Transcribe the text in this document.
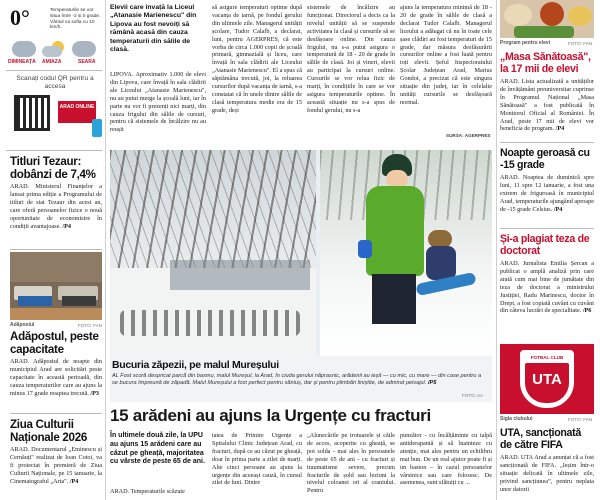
0°	Temperaturile se vor situa între -2 și 0 grade. Vântul va sufla cu 10 km/h.
DIMINEAȚA AMIAZA	SEARA
Scanați codul QR pentru a accesa
ARAD ONLINE
Titluri Tezaur: dobânzi de 7,4%
ARAD. Ministerul Finanțelor a lansat prima ediție a Programului de titluri de stat Tezaur din acest an, care oferă persoanelor fizice o nouă oportunitate de economisire în condiții avantajoase. /P4
Adăpostul	FOTO: FAN
Adăpostul, peste capacitate
ARAD. Adăpostul de noapte din municipiul Arad are solicitări peste capacitate în această perioadă, din cauza temperaturilor care au ajuns la minus 17 grade noaptea trecută. /P3
Ziua Culturii Naționale 2026
ARAD. Documentarul „Eminescu și Cernăuți" realizat de Ioan Cotoi, va fi proiectat în premieră de Ziua Culturii Naționale, pe 15 ianuarie, la Cinematograful „Arta". /P4
Elevii care învață la Liceul „Atanasie Marienescu" din Lipova au fost nevoiți să rămână acasă din cauza temperaturii din sălile de clasă.
LIPOVA. Aproximativ 1.000 de elevi din Lipova, care învață în sala clădirii ale Liceului „Atanasie Marienescu", nu au putut merge la școală luni, iar în parte nu vor fi prezenți nici marți, din cauza frigului din sălile de cursuri, pentru că sistemele de încălzire nu au reușit
să asigure temperaturi optime după vacanța de iarnă, pe fondul gerului din ultimele zile. Managerul unității școlare, Tudor Calafb, a declarat, luni, pentru AGERPRES, că este vorba de circa 1.000 copii de școală primară, gimnazială și liceu, care învață în sala clădirii ale Liceului „Atanasie Marienescu". El a spus că săptămâna trecută, joi, la reluarea cursurilor după vacanța de iarnă, s-a constatat că în unele dintre sălile de clasă temperatura medie era de 15 grade, deși
sistemele de încălzire au funcționat. Directorul a decis ca la nivelul unității să se suspende activitatea la clasă și cursurile să se desfășoare online. Din cauza frigului, nu s-a putut asigura o temperatură de 18 - 20 de grade în sălile de clasă. Joi și vineri, elevii au participat la cursuri online. Cursurile se vor relua fizic de marți, în condițiile în care se vor asigura temperaturile optime. În această situație nu s-a spus de fondul gerului, nu s-a
ajuns la temperatura minimă de 18 - 20 de grade în sălile de clasă a declarat Tudor Calafb. Managerul liceului a adăugat că nu în toate cele șase clădiri au fost temperaturi de 15 grade, dar măsura desfășurării cursurilor online a fost luată pentru toți elevii. Șeful Inspectoratului Școlar Județean Arad, Marius Gondot, a precizat că este singura situație din județ, iar în celelalte unități cursurile se desfășoară normal.
SURSA: AGERPRES
Bucuria zăpezii, pe malul Mureșului
AL Fost scoră despricat parcă din basmu, malul Mureșul, la Arad, în ciuda gerului năprasnic, arădenii au ieșit — cu mic, cu mare — din case pentru a se bucura împreună de zăpadă. Malul Mureșului a fost perfect pentru săniuș, dar și pentru plimbări liniștite, de admirat peisajul. /P5
FOTO: AA
15 arădeni au ajuns la Urgențe cu fracturi
În ultimele două zile, la UPU au ajuns 15 arădeni care au căzut pe gheață, majoritatea cu vârste de peste 65 de ani.
ARAD. Temperaturile scăzute
tatea de Primire Urgențe a Spitalului Clinic Județean Arad, cu fracturi, după ce au căzut pe gheață, doar în prima parte a zilei de marți. Alte cinci persoane au ajuns la urgențe din aceeași cauză, în cursul zilei de luni. Dintre
„Alunecările pe trotuarele și căile de acces, acoperite cu gheață, se pot solda - mai ales în persoanele de peste 65 de ani - cu fracturi și traumatisme severe, precum fracturile de șold sau leziuni la nivelul coloanei ori al craniului. Pentru
punzător - cu încălțăminte cu talpă antiderapantă și să înainteze cu atenție, mai ales pentru un echilibru mai bun. De un real ajutor poate fi și un baston – în cazul persoanelor vârstnice sau care folosesc. De asemenea, sunt sfătuiți cu ...
Program pentru elevi	FOTO: FAN
„Masa Sănătoasă", la 17 mii de elevi
ARAD. Lista actualizată a unităților de învățământ preuniversitar cuprinse în Programul Național „Masa Sănătoasă" a fost publicată în Monitorul Oficial al României. În Arad, peste 17 mii de elevi vor beneficia de program. /P4
Noapte geroasă cu -15 grade
ARAD. Noaptea de duminică spre luni, 11 spre 12 ianuarie, a fost una extrem de friguroasă în municipiul Arad, temperaturile ajungând aproape de -15 grade Celsius. /P4
Și-a plagiat teza de doctorat
ARAD. Jurnalista Emilia Șercan a publicat o amplă analiză prin care arată cum mai bine de jumătate din teza de doctorat a ministrului Justiției, Radu Marinescu, doctor în Drept, a fost copiată cuvânt cu cuvânt din câteva lucrări de specialitate. /P6
FOTBAL CLUB
UTA
Sigla clubului	FOTO: FAN
UTA, sancționată de către FIFA
ARAD. UTA Arad a anunțat că a fost sancționată de FIFA. „Ieșim într-o situație delicată în ultimele zile, privind sancțiunea”, pentru neplata unor datorii
